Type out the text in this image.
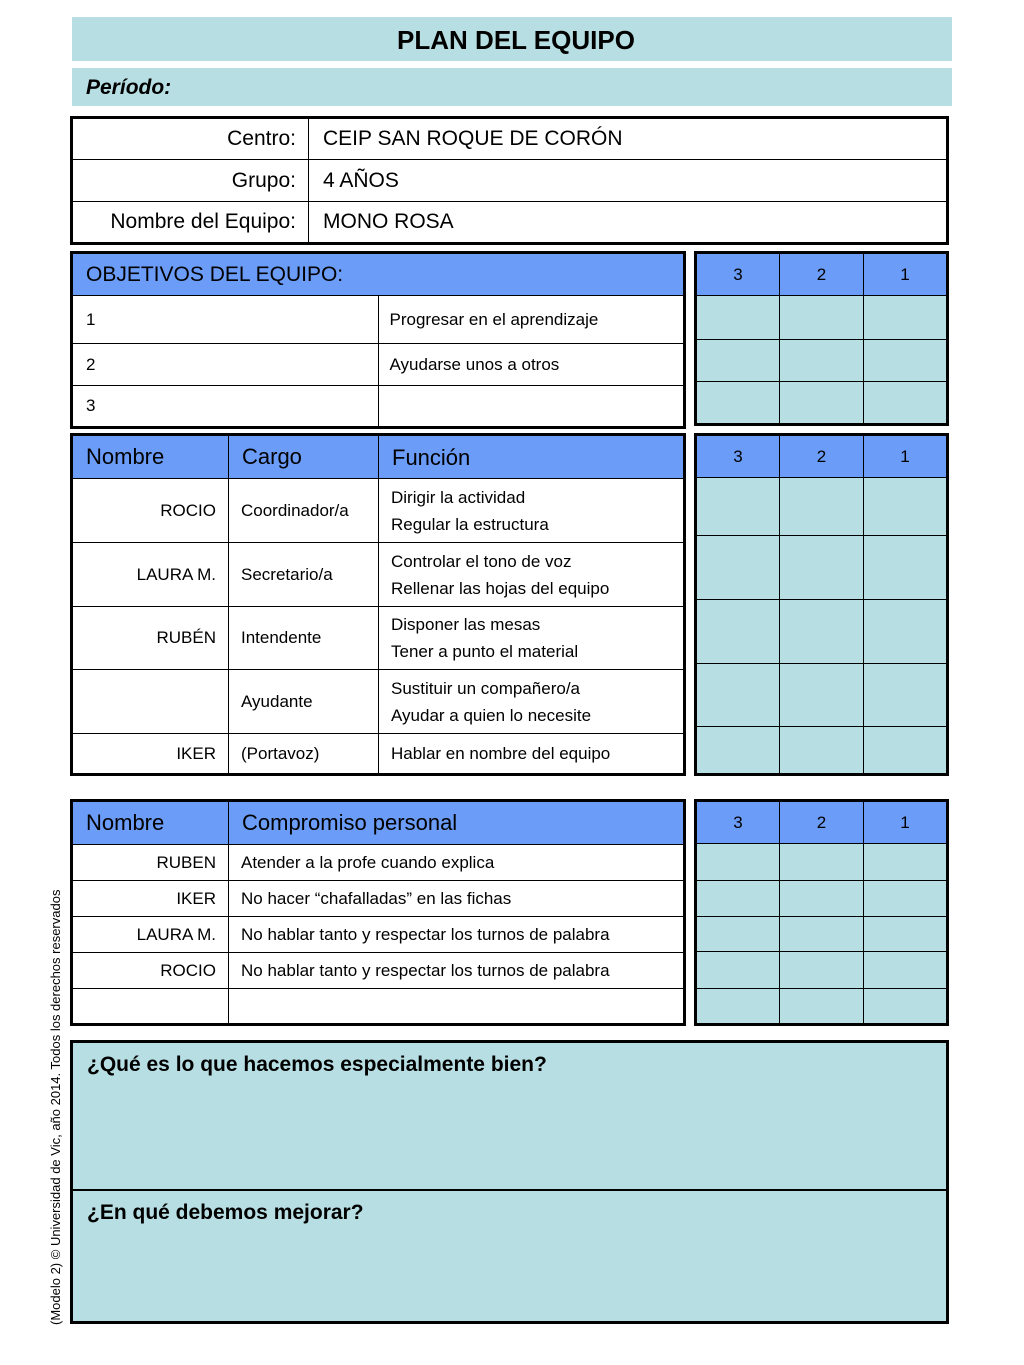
PLAN DEL EQUIPO
Período:
Centro:	CEIP SAN ROQUE DE CORÓN
Grupo:	4 AÑOS
Nombre del Equipo:	MONO ROSA
OBJETIVOS DEL EQUIPO:	
1	Progresar en el aprendizaje
2	Ayudarse unos a otros
3	
3	2	1

Nombre	Cargo	Función
ROCIO	Coordinador/a	Dirigir la actividad
Regular la estructura

LAURA M.	Secretario/a	Controlar el tono de voz
Rellenar las hojas del equipo

RUBÉN	Intendente	Disponer las mesas
Tener a punto el material

	Ayudante	Sustituir un compañero/a
Ayudar a quien lo necesite

IKER	(Portavoz)	Hablar en nombre del equipo
3	2	1

Nombre	Compromiso personal
RUBEN	Atender a la profe cuando explica
IKER	No hacer “chafalladas” en las fichas
LAURA M.	No hablar tanto y respectar los turnos de palabra
ROCIO	No hablar tanto y respectar los turnos de palabra

3	2	1

¿Qué es lo que hacemos especialmente bien?
¿En qué debemos mejorar?
(Modelo 2) © Universidad de Vic, año 2014. Todos los derechos reservados
